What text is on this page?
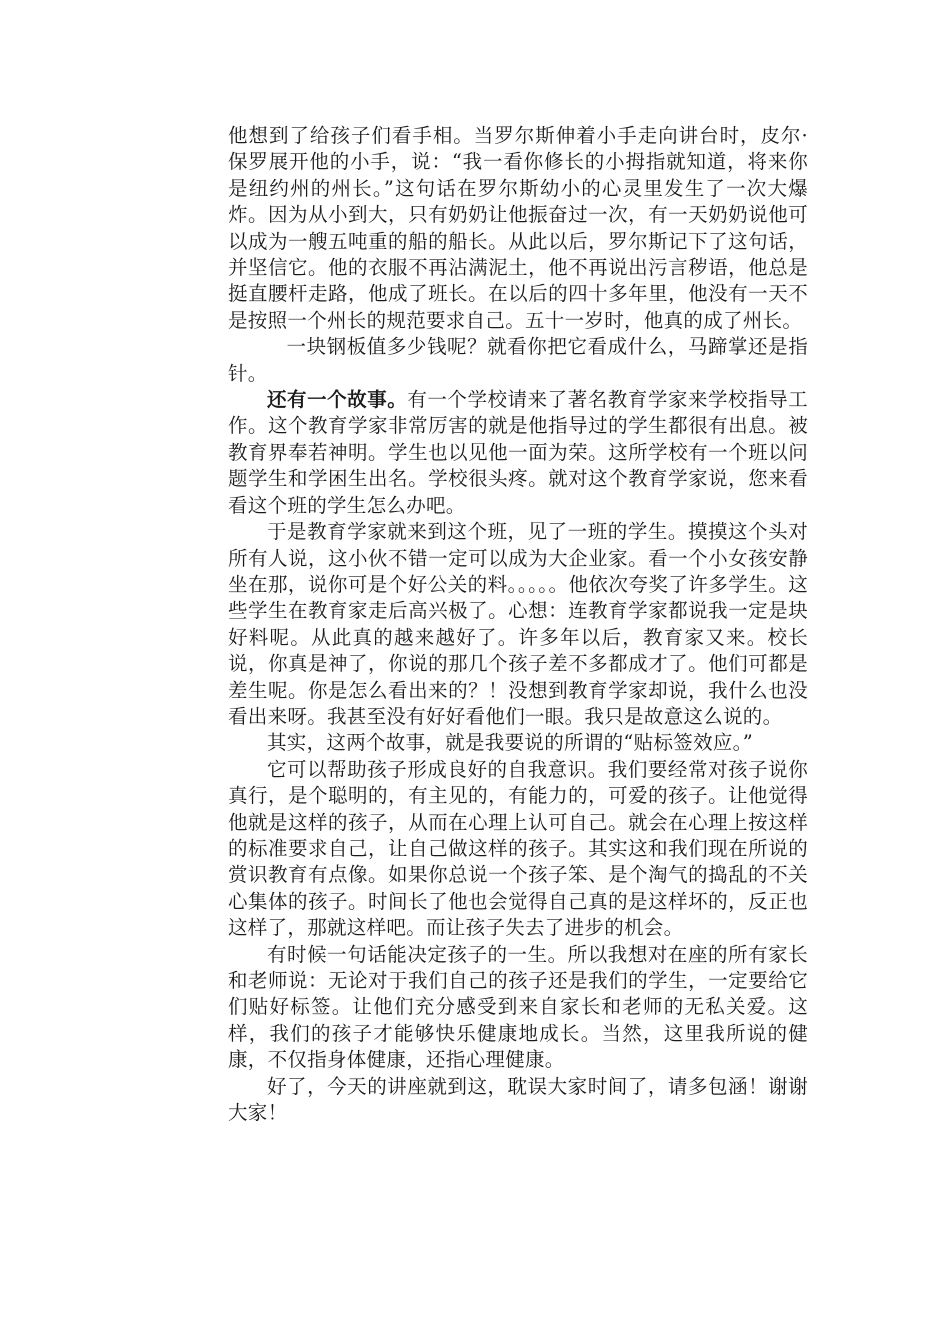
他想到了给孩子们看手相。当罗尔斯伸着小手走向讲台时，皮尔·保罗展开他的小手，说：“我一看你修长的小拇指就知道，将来你是纽约州的州长。”这句话在罗尔斯幼小的心灵里发生了一次大爆炸。因为从小到大，只有奶奶让他振奋过一次，有一天奶奶说他可以成为一艘五吨重的船的船长。从此以后，罗尔斯记下了这句话，并坚信它。他的衣服不再沾满泥土，他不再说出污言秽语，他总是挺直腰杆走路，他成了班长。在以后的四十多年里，他没有一天不是按照一个州长的规范要求自己。五十一岁时，他真的成了州长。

一块钢板值多少钱呢？就看你把它看成什么，马蹄掌还是指针。

还有一个故事。有一个学校请来了著名教育学家来学校指导工作。这个教育学家非常厉害的就是他指导过的学生都很有出息。被教育界奉若神明。学生也以见他一面为荣。这所学校有一个班以问题学生和学困生出名。学校很头疼。就对这个教育学家说，您来看看这个班的学生怎么办吧。

于是教育学家就来到这个班，见了一班的学生。摸摸这个头对所有人说，这小伙不错一定可以成为大企业家。看一个小女孩安静坐在那，说你可是个好公关的料。。。。。他依次夸奖了许多学生。这些学生在教育家走后高兴极了。心想：连教育学家都说我一定是块好料呢。从此真的越来越好了。许多年以后，教育家又来。校长说，你真是神了，你说的那几个孩子差不多都成才了。他们可都是差生呢。你是怎么看出来的？！没想到教育学家却说，我什么也没看出来呀。我甚至没有好好看他们一眼。我只是故意这么说的。

其实，这两个故事，就是我要说的所谓的“贴标签效应。”

它可以帮助孩子形成良好的自我意识。我们要经常对孩子说你真行，是个聪明的，有主见的，有能力的，可爱的孩子。让他觉得他就是这样的孩子，从而在心理上认可自己。就会在心理上按这样的标准要求自己，让自己做这样的孩子。其实这和我们现在所说的赏识教育有点像。如果你总说一个孩子笨、是个淘气的捣乱的不关心集体的孩子。时间长了他也会觉得自己真的是这样坏的，反正也这样了，那就这样吧。而让孩子失去了进步的机会。

有时候一句话能决定孩子的一生。所以我想对在座的所有家长和老师说：无论对于我们自己的孩子还是我们的学生，一定要给它们贴好标签。让他们充分感受到来自家长和老师的无私关爱。这样，我们的孩子才能够快乐健康地成长。当然，这里我所说的健康，不仅指身体健康，还指心理健康。

好了，今天的讲座就到这，耽误大家时间了，请多包涵！谢谢大家！
